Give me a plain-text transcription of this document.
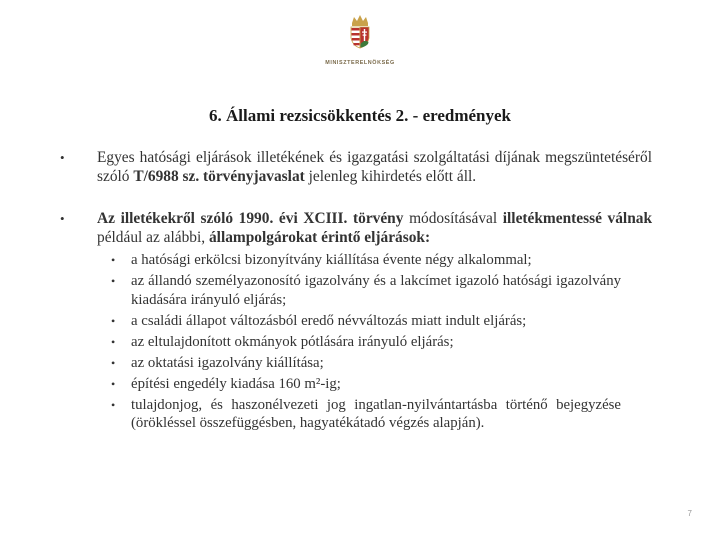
MINISZTERELNÖKSÉG
6. Állami rezsicsökkentés 2. - eredmények
• Egyes hatósági eljárások illetékének és igazgatási szolgáltatási díjának megszüntetéséről szóló T/6988 sz. törvényjavaslat jelenleg kihirdetés előtt áll.
• Az illetékekről szóló 1990. évi XCIII. törvény módosításával illetékmentessé válnak például az alábbi, állampolgárokat érintő eljárások:
• a hatósági erkölcsi bizonyítvány kiállítása évente négy alkalommal;
• az állandó személyazonosító igazolvány és a lakcímet igazoló hatósági igazolvány kiadására irányuló eljárás;
• a családi állapot változásból eredő névváltozás miatt indult eljárás;
• az eltulajdonított okmányok pótlására irányuló eljárás;
• az oktatási igazolvány kiállítása;
• építési engedély kiadása 160 m²-ig;
• tulajdonjog, és haszonélvezeti jog ingatlan-nyilvántartásba történő bejegyzése (örökléssel összefüggésben, hagyatékátadó végzés alapján).
7
